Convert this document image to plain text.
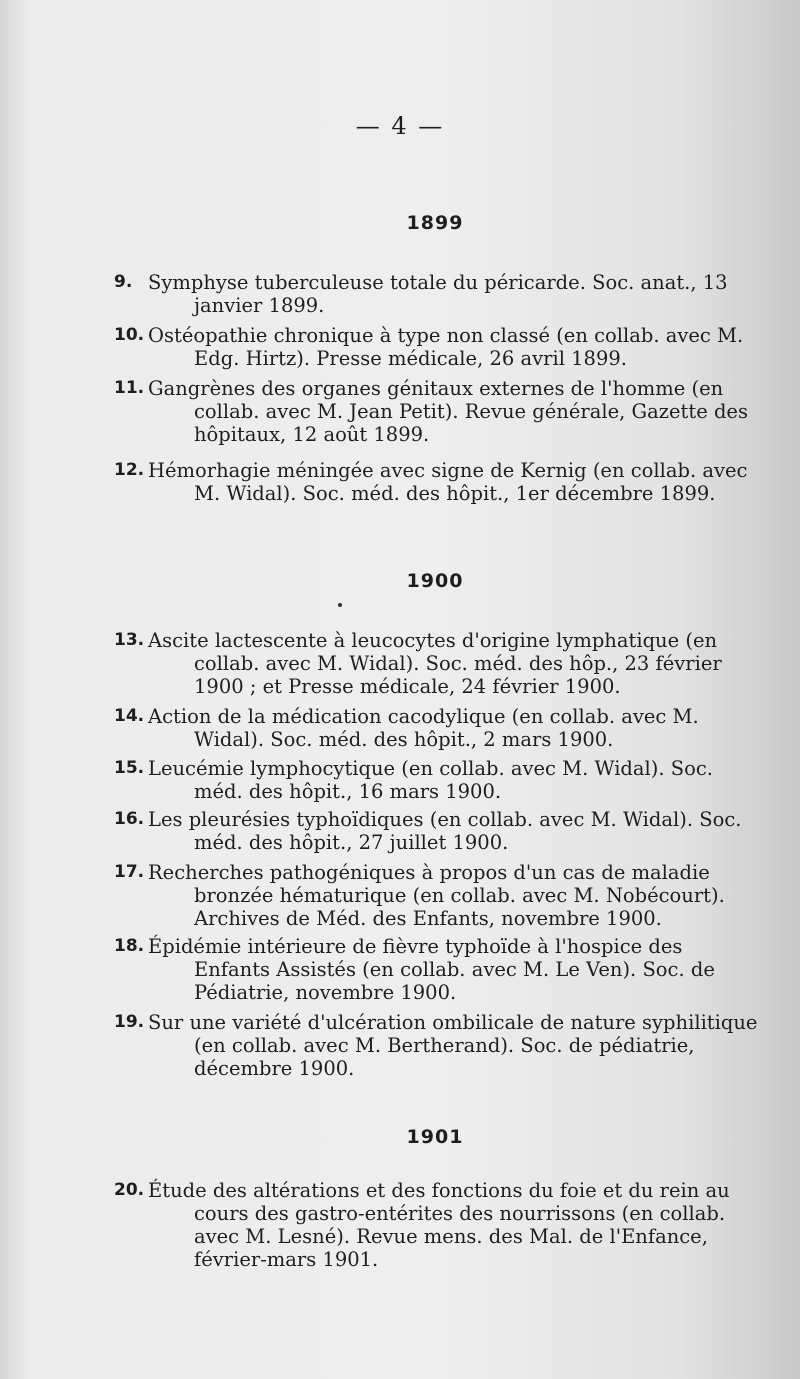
— 4 —
1899
9. Symphyse tuberculeuse totale du péricarde. Soc. anat., 13 janvier 1899.
10. Ostéopathie chronique à type non classé (en collab. avec M. Edg. Hirtz). Presse médicale, 26 avril 1899.
11. Gangrènes des organes génitaux externes de l'homme (en collab. avec M. Jean Petit). Revue générale, Gazette des hôpitaux, 12 août 1899.
12. Hémorhagie méningée avec signe de Kernig (en collab. avec M. Widal). Soc. méd. des hôpit., 1er décembre 1899.
1900
13. Ascite lactescente à leucocytes d'origine lymphatique (en collab. avec M. Widal). Soc. méd. des hôp., 23 février 1900 ; et Presse médicale, 24 février 1900.
14. Action de la médication cacodylique (en collab. avec M. Widal). Soc. méd. des hôpit., 2 mars 1900.
15. Leucémie lymphocytique (en collab. avec M. Widal). Soc. méd. des hôpit., 16 mars 1900.
16. Les pleurésies typhoïdiques (en collab. avec M. Widal). Soc. méd. des hôpit., 27 juillet 1900.
17. Recherches pathogéniques à propos d'un cas de maladie bronzée hématurique (en collab. avec M. Nobécourt). Archives de Méd. des Enfants, novembre 1900.
18. Épidémie intérieure de fièvre typhoïde à l'hospice des Enfants Assistés (en collab. avec M. Le Ven). Soc. de Pédiatrie, novembre 1900.
19. Sur une variété d'ulcération ombilicale de nature syphilitique (en collab. avec M. Bertherand). Soc. de pédiatrie, décembre 1900.
1901
20. Étude des altérations et des fonctions du foie et du rein au cours des gastro-entérites des nourrissons (en collab. avec M. Lesné). Revue mens. des Mal. de l'Enfance, février-mars 1901.
